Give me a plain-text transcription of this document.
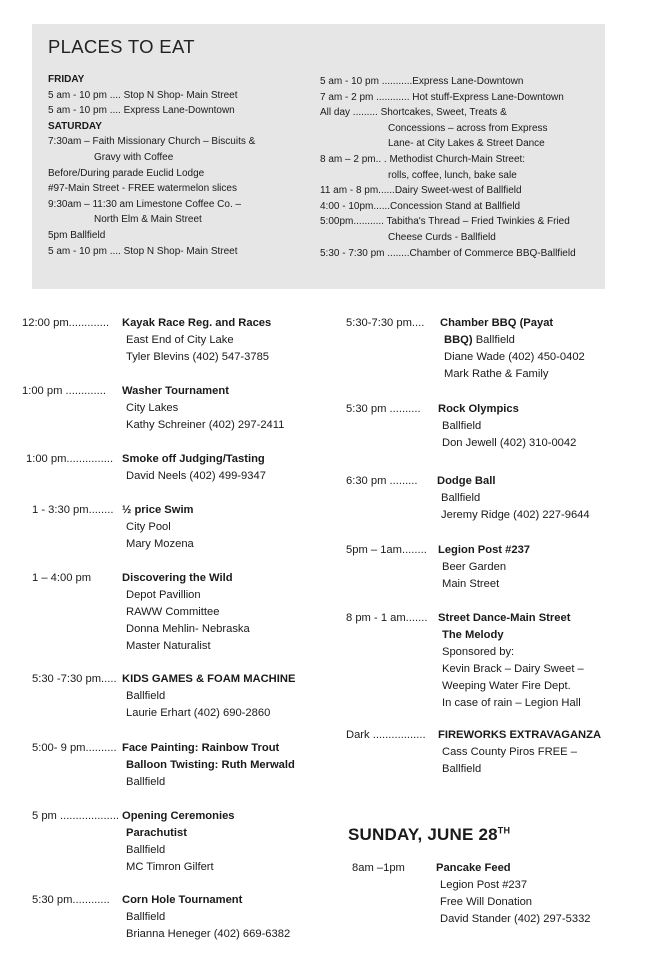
PLACES TO EAT
FRIDAY
5 am - 10 pm .... Stop N Shop- Main Street
5 am - 10 pm .... Express Lane-Downtown
SATURDAY
7:30am – Faith Missionary Church – Biscuits &
Gravy with Coffee
Before/During parade Euclid Lodge
#97-Main Street - FREE watermelon slices
9:30am – 11:30 am Limestone Coffee Co. –
North Elm & Main Street
5pm Ballfield
5 am - 10 pm .... Stop N Shop- Main Street
5 am - 10 pm ...........Express Lane-Downtown
7 am - 2 pm ............ Hot stuff-Express Lane-Downtown
All day ......... Shortcakes, Sweet, Treats &
Concessions – across from Express
Lane- at City Lakes & Street Dance
8 am – 2 pm.. . Methodist Church-Main Street:
rolls, coffee, lunch, bake sale
11 am - 8 pm......Dairy Sweet-west of Ballfield
4:00 - 10pm......Concession Stand at Ballfield
5:00pm........... Tabitha's Thread – Fried Twinkies & Fried
Cheese Curds - Ballfield
5:30 - 7:30 pm ........Chamber of Commerce BBQ-Ballfield
12:00 pm.............	Kayak Race Reg. and Races
East End of City Lake
Tyler Blevins (402) 547-3785
1:00 pm .............	Washer Tournament
City Lakes
Kathy Schreiner (402) 297-2411
1:00 pm............... Smoke off Judging/Tasting
David Neels (402) 499-9347
1 - 3:30 pm........ ½ price Swim
City Pool
Mary Mozena
1 – 4:00 pm	Discovering the Wild
Depot Pavillion
RAWW Committee
Donna Mehlin- Nebraska
Master Naturalist
5:30 -7:30 pm..... KIDS GAMES & FOAM MACHINE
Ballfield
Laurie Erhart (402) 690-2860
5:00- 9 pm.......... Face Painting: Rainbow Trout
Balloon Twisting: Ruth Merwald
Ballfield
5 pm ................... Opening Ceremonies
Parachutist
Ballfield
MC Timron Gilfert
5:30 pm............	Corn Hole Tournament
Ballfield
Brianna Heneger (402) 669-6382
5:30-7:30 pm....	Chamber BBQ (Payat
BBQ) Ballfield
Diane Wade (402) 450-0402
Mark Rathe & Family
5:30 pm ..........	Rock Olympics
Ballfield
Don Jewell (402) 310-0042
6:30 pm .........	Dodge Ball
Ballfield
Jeremy Ridge (402) 227-9644
5pm – 1am........ Legion Post #237
Beer Garden
Main Street
8 pm - 1 am....... Street Dance-Main Street
The Melody
Sponsored by:
Kevin Brack – Dairy Sweet –
Weeping Water Fire Dept.
In case of rain – Legion Hall
Dark .................	FIREWORKS EXTRAVAGANZA
Cass County Piros FREE –
Ballfield
SUNDAY, JUNE 28TH
8am –1pm	Pancake Feed
Legion Post #237
Free Will Donation
David Stander (402) 297-5332
